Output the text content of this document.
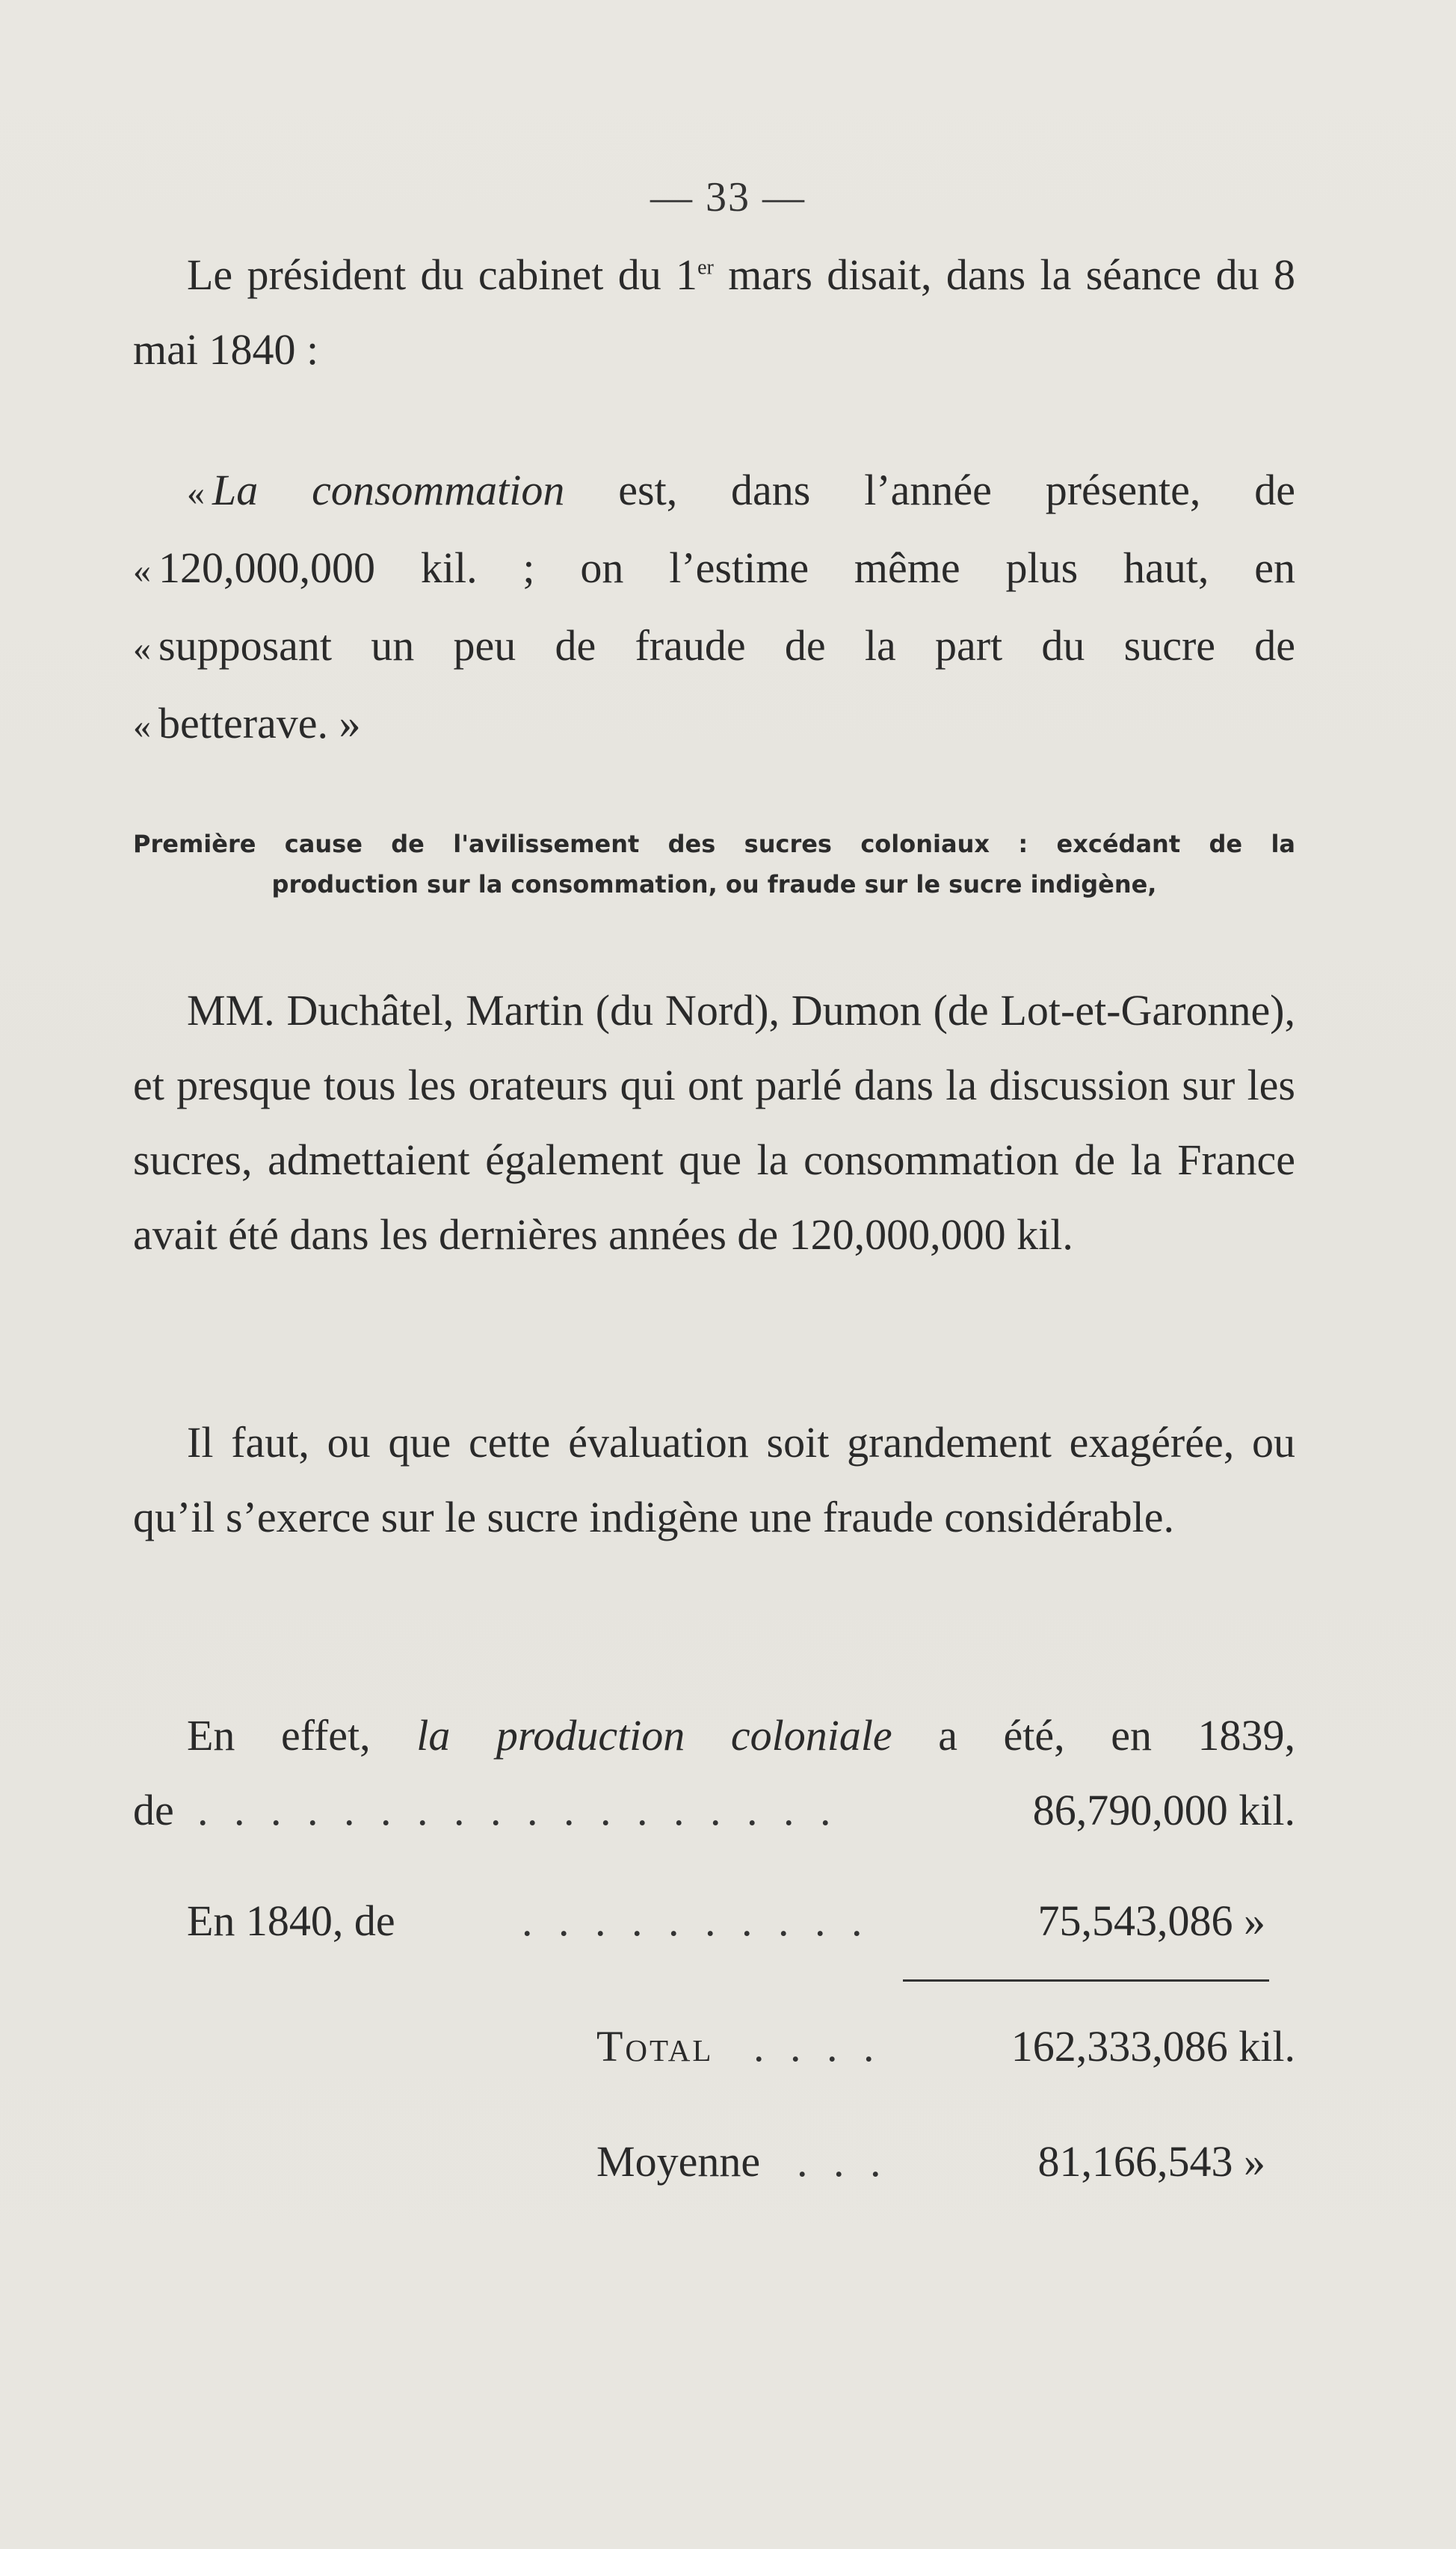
— 33 —

Le président du cabinet du 1er mars disait, dans la séance du 8 mai 1840 :

« La consommation est, dans l’année présente, de
« 120,000,000 kil. ; on l’estime même plus haut, en
« supposant un peu de fraude de la part du sucre de
« betterave. »
Première cause de l'avilissement des sucres coloniaux : excédant de la
production sur la consommation, ou fraude sur le sucre indigène,

MM. Duchâtel, Martin (du Nord), Dumon (de Lot-et-Garonne), et presque tous les orateurs qui ont parlé dans la discussion sur les sucres, admettaient également que la consommation de la France avait été dans les dernières années de 120,000,000 kil.

Il faut, ou que cette évaluation soit grandement exagérée, ou qu’il s’exerce sur le sucre indigène une fraude considérable.

En effet, la production coloniale a été, en 1839,

de . . . . . . . . . . . . . . . . . .	86,790,000 kil.
En 1840, de	. . . . . . . . . .	75,543,086 »
Total . . . .	162,333,086 kil.
Moyenne . . .	81,166,543 »
